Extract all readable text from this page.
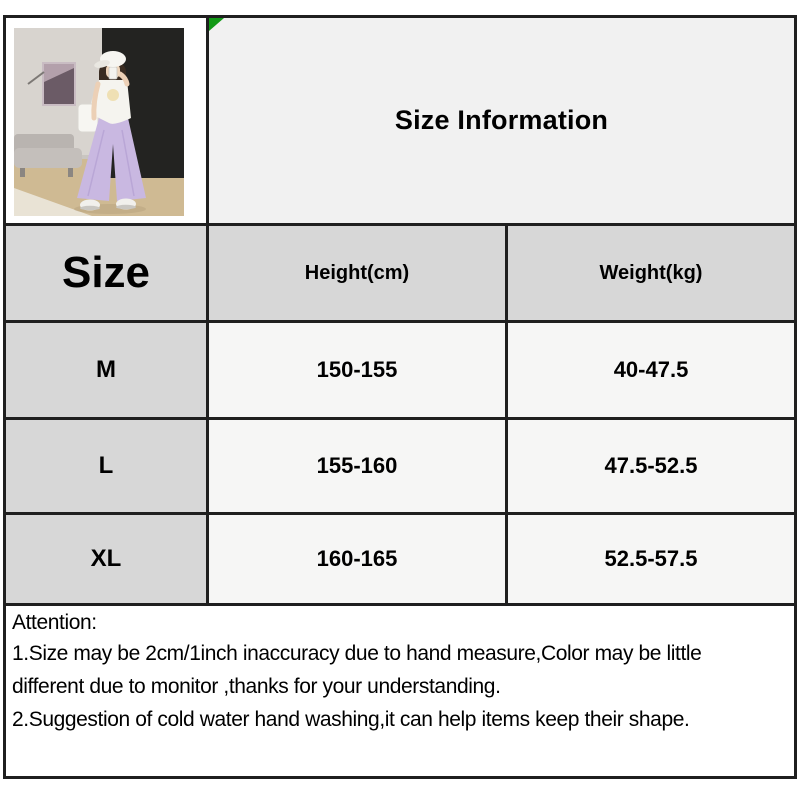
Size Information
Size	Height(cm)	Weight(kg)
M	150-155	40-47.5
L	155-160	47.5-52.5
XL	160-165	52.5-57.5
Attention:
1.Size may be 2cm/1inch inaccuracy due to hand measure,Color may be little
different due to monitor ,thanks for your understanding.
2.Suggestion of cold water hand washing,it can help items keep their shape.
